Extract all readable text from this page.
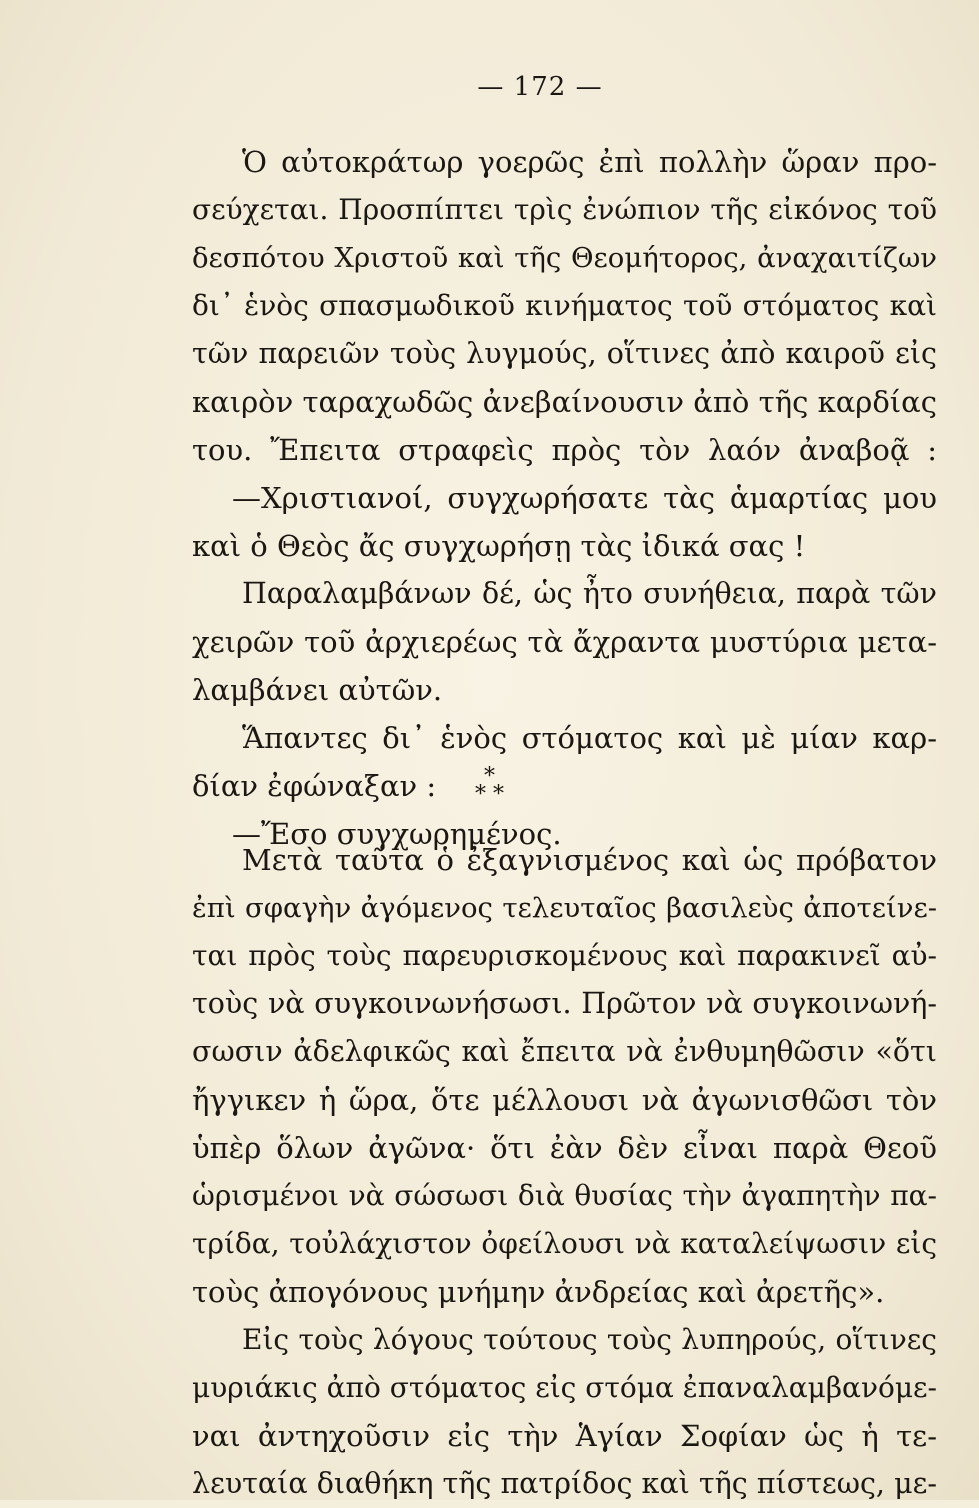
— 172 —
Ὁ αὐτοκράτωρ γοερῶς ἐπὶ πολλὴν ὥραν προ-
σεύχεται. Προσπίπτει τρὶς ἐνώπιον τῆς εἰκόνος τοῦ
δεσπότου Χριστοῦ καὶ τῆς Θεομήτορος, ἀναχαιτίζων
δι᾽ ἑνὸς σπασμωδικοῦ κινήματος τοῦ στόματος καὶ
τῶν παρειῶν τοὺς λυγμούς, οἵτινες ἀπὸ καιροῦ εἰς
καιρὸν ταραχωδῶς ἀνεβαίνουσιν ἀπὸ τῆς καρδίας
του. Ἔπειτα στραφεὶς πρὸς τὸν λαόν ἀναβοᾷ :
—Χριστιανοί, συγχωρήσατε τὰς ἁμαρτίας μου
καὶ ὁ Θεὸς ἄς συγχωρήσῃ τὰς ἰδικά σας !
Παραλαμβάνων δέ, ὡς ἦτο συνήθεια, παρὰ τῶν
χειρῶν τοῦ ἀρχιερέως τὰ ἄχραντα μυστύρια μετα-
λαμβάνει αὐτῶν.
Ἅπαντες δι᾽ ἑνὸς στόματος καὶ μὲ μίαν καρ-
δίαν ἐφώναξαν :
—Ἔσο συγχωρημένος.
*
* *
Μετὰ ταῦτα ὁ ἐξαγνισμένος καὶ ὡς πρόβατον
ἐπὶ σφαγὴν ἀγόμενος τελευταῖος βασιλεὺς ἀποτείνε-
ται πρὸς τοὺς παρευρισκομένους καὶ παρακινεῖ αὐ-
τοὺς νὰ συγκοινωνήσωσι. Πρῶτον νὰ συγκοινωνή-
σωσιν ἀδελφικῶς καὶ ἔπειτα νὰ ἐνθυμηθῶσιν «ὅτι
ἤγγικεν ἡ ὥρα, ὅτε μέλλουσι νὰ ἀγωνισθῶσι τὸν
ὑπὲρ ὅλων ἀγῶνα· ὅτι ἐὰν δὲν εἶναι παρὰ Θεοῦ
ὡρισμένοι νὰ σώσωσι διὰ θυσίας τὴν ἀγαπητὴν πα-
τρίδα, τοὐλάχιστον ὀφείλουσι νὰ καταλείψωσιν εἰς
τοὺς ἀπογόνους μνήμην ἀνδρείας καὶ ἀρετῆς».
Εἰς τοὺς λόγους τούτους τοὺς λυπηρούς, οἵτινες
μυριάκις ἀπὸ στόματος εἰς στόμα ἐπαναλαμβανόμε-
ναι ἀντηχοῦσιν εἰς τὴν Ἁγίαν Σοφίαν ὡς ἡ τε-
λευταία διαθήκη τῆς πατρίδος καὶ τῆς πίστεως, με-
